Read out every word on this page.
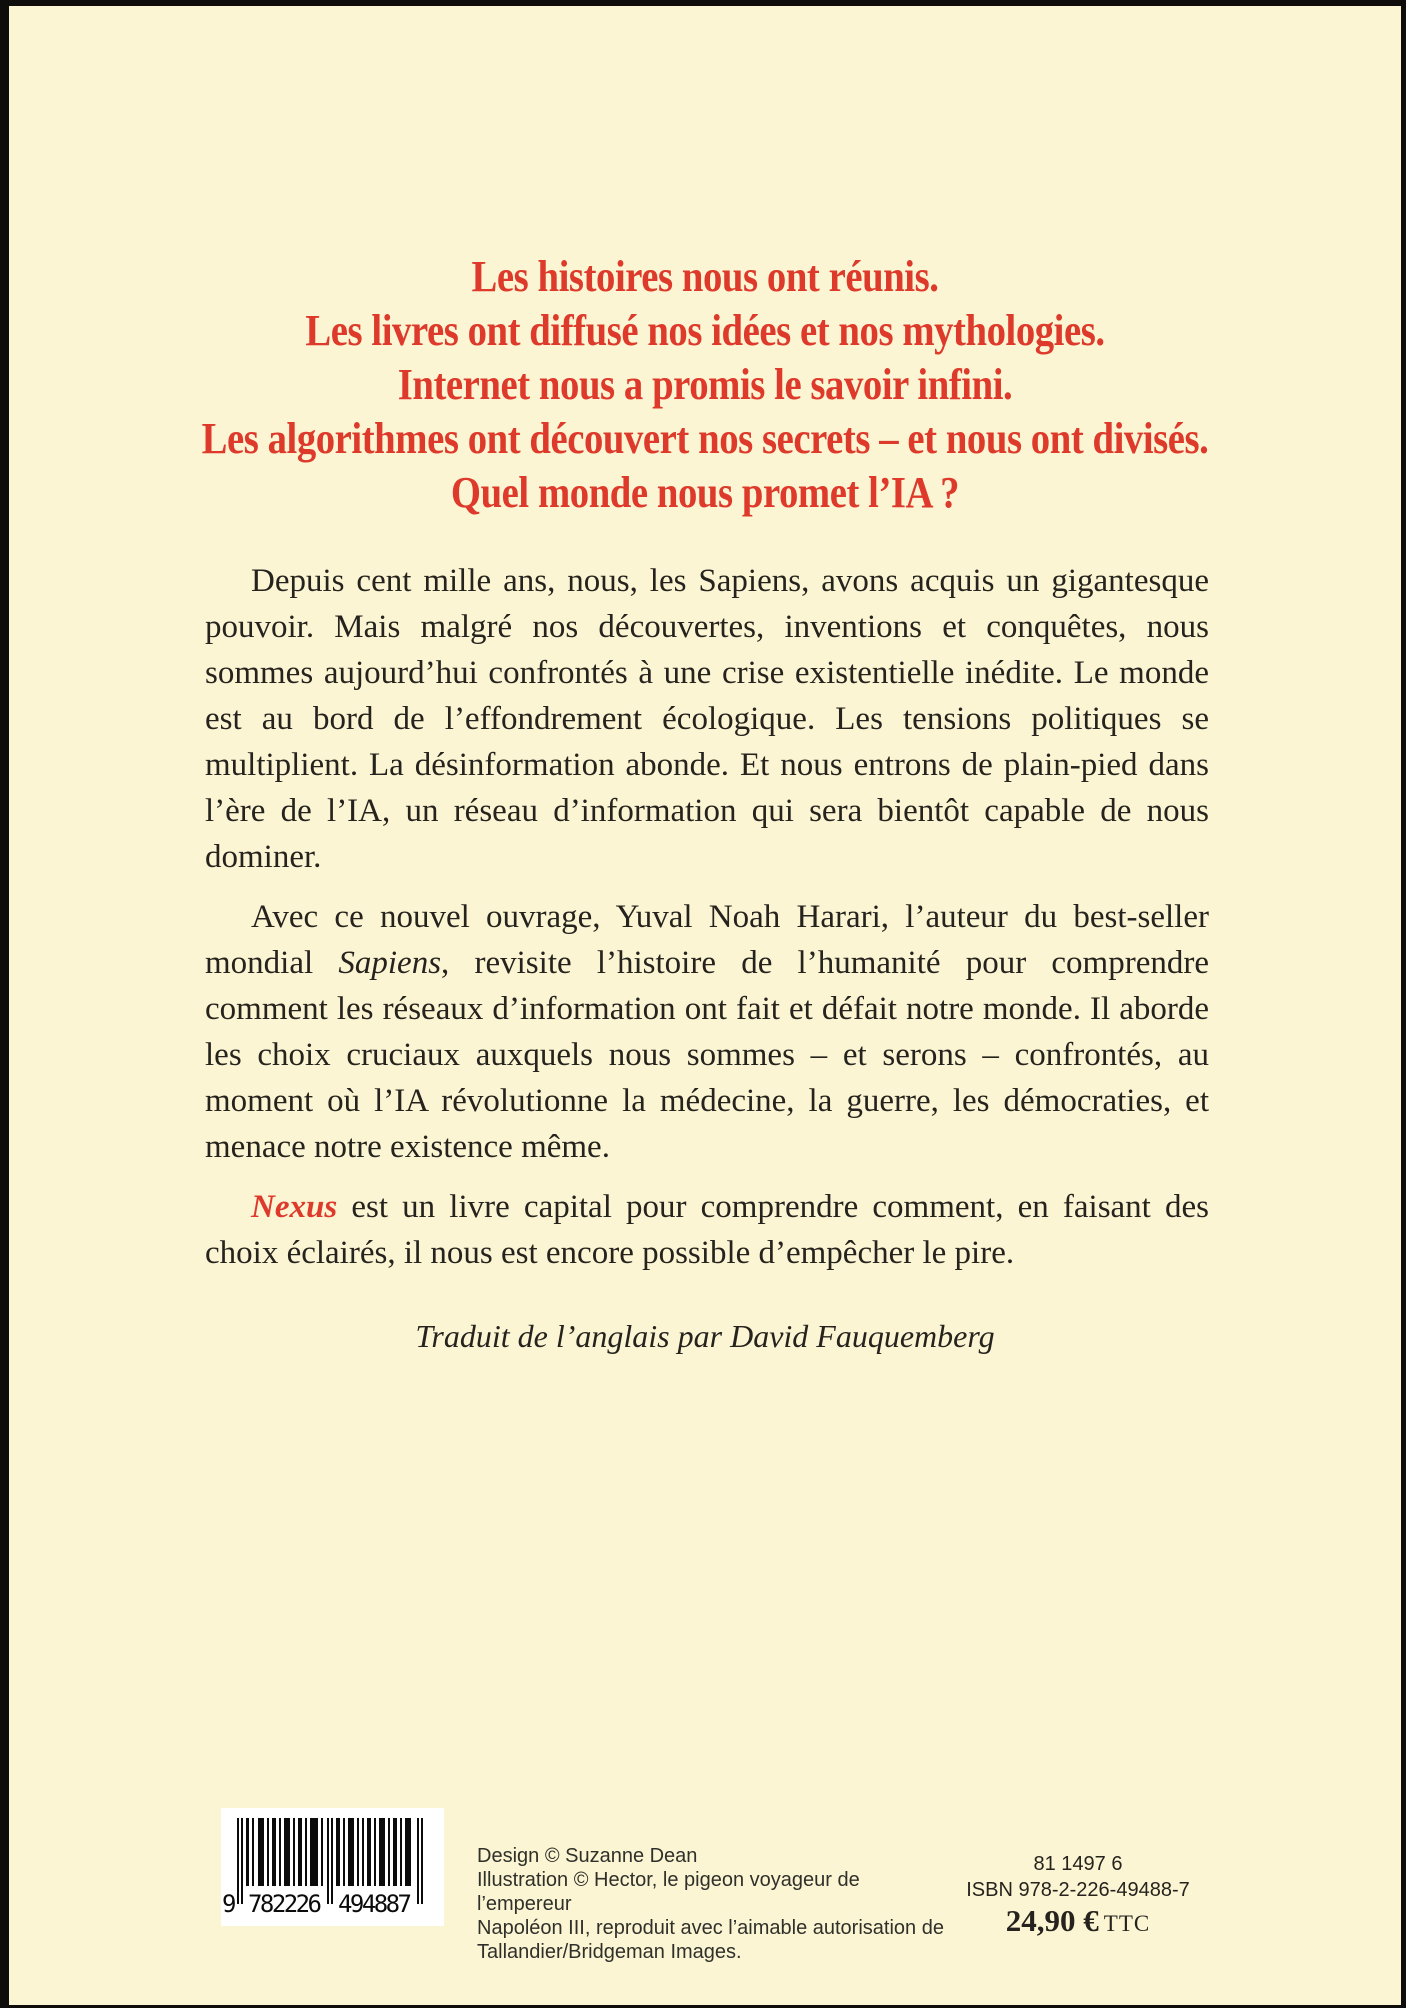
Les histoires nous ont réunis.
Les livres ont diffusé nos idées et nos mythologies.
Internet nous a promis le savoir infini.
Les algorithmes ont découvert nos secrets – et nous ont divisés.
Quel monde nous promet l’IA ?

Depuis cent mille ans, nous, les Sapiens, avons acquis un gigantesque pouvoir. Mais malgré nos découvertes, inventions et conquêtes, nous sommes aujourd’hui confrontés à une crise existentielle inédite. Le monde est au bord de l’effondrement écologique. Les tensions politiques se multiplient. La désinformation abonde. Et nous entrons de plain-pied dans l’ère de l’IA, un réseau d’information qui sera bientôt capable de nous dominer.

Avec ce nouvel ouvrage, Yuval Noah Harari, l’auteur du best-seller mondial Sapiens, revisite l’histoire de l’humanité pour comprendre comment les réseaux d’information ont fait et défait notre monde. Il aborde les choix cruciaux auxquels nous sommes – et serons – confrontés, au moment où l’IA révolutionne la médecine, la guerre, les démocraties, et menace notre existence même.

Nexus est un livre capital pour comprendre comment, en faisant des choix éclairés, il nous est encore possible d’empêcher le pire.

Traduit de l’anglais par David Fauquemberg
9 782226 494887
Design © Suzanne Dean
Illustration © Hector, le pigeon voyageur de l’empereur
Napoléon III, reproduit avec l’aimable autorisation de
Tallandier/Bridgeman Images.
81 1497 6
ISBN 978-2-226-49488-7
24,90 € TTC
